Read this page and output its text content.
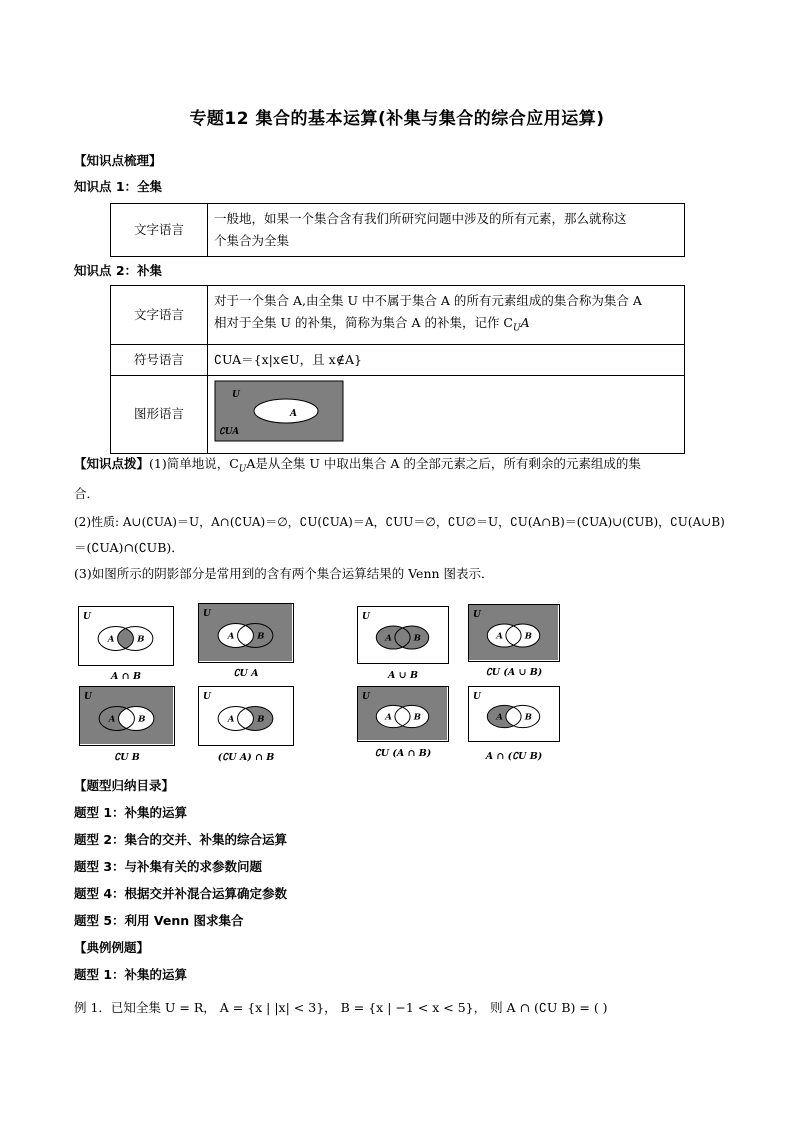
专题12 集合的基本运算(补集与集合的综合应用运算)
【知识点梳理】
知识点 1：全集
文字语言	
一般地，如果一个集合含有我们所研究问题中涉及的所有元素，那么就称这
个集合为全集
知识点 2：补集
文字语言	对于一个集合 A,由全集 U 中不属于集合 A 的所有元素组成的集合称为集合 A
相对于全集 U 的补集，简称为集合 A 的补集，记作 $C_UA$

符号语言	∁UA＝{x|x∈U，且 x∉A}
图形语言	U
A
∁UA
【知识点拨】(1)简单地说，$C_UA$是从全集 U 中取出集合 A 的全部元素之后，所有剩余的元素组成的集
合．
(2)性质: A∪(∁UA)＝U，A∩(∁UA)＝∅，∁U(∁UA)＝A，∁UU＝∅，∁U∅＝U，∁U(A∩B)＝(∁UA)∪(∁UB)，∁U(A∪B)
＝(∁UA)∩(∁UB)．
(3)如图所示的阴影部分是常用到的含有两个集合运算结果的 Venn 图表示．
U
A	B
A ∩ B
U
A	B
∁U A
U
A	B
A ∪ B
U
A	B
∁U (A ∪ B)
U
A	B
∁U B
U
A	B
(∁U A) ∩ B
U
A	B
∁U (A ∩ B)
U
A	B
A ∩ (∁U B)
【题型归纳目录】
题型 1：补集的运算
题型 2：集合的交并、补集的综合运算
题型 3：与补集有关的求参数问题
题型 4：根据交并补混合运算确定参数
题型 5：利用 Venn 图求集合
【典例例题】
题型 1：补集的运算
例 1．已知全集 U = R， A = {x | |x| < 3}， B = {x | −1 < x < 5}， 则 A ∩ (∁U B) = ( )
